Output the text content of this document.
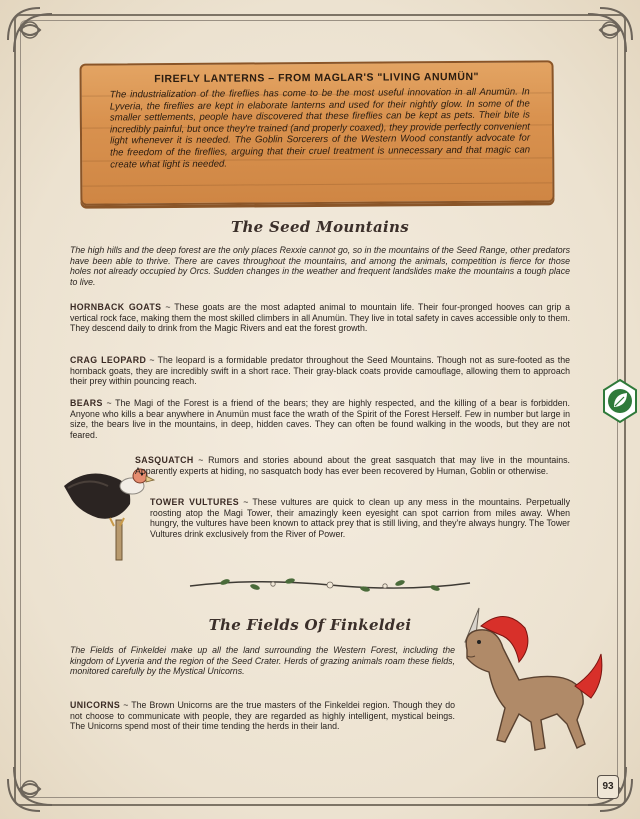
FIREFLY LANTERNS – FROM MAGLAR'S "LIVING ANUMÜN"
The industrialization of the fireflies has come to be the most useful innovation in all Anumün. In Lyveria, the fireflies are kept in elaborate lanterns and used for their nightly glow. In some of the smaller settlements, people have discovered that these fireflies can be kept as pets. Their bite is incredibly painful, but once they're trained (and properly coaxed), they provide perfectly convenient light whenever it is needed. The Goblin Sorcerers of the Western Wood constantly advocate for the freedom of the fireflies, arguing that their cruel treatment is unnecessary and that magic can create what light is needed.
The Seed Mountains
The high hills and the deep forest are the only places Rexxie cannot go, so in the mountains of the Seed Range, other predators have been able to thrive. There are caves throughout the mountains, and among the animals, competition is fierce for those holes not already occupied by Orcs. Sudden changes in the weather and frequent landslides make the mountains a tough place to live.
HORNBACK GOATS ~ These goats are the most adapted animal to mountain life. Their four-pronged hooves can grip a vertical rock face, making them the most skilled climbers in all Anumün. They live in total safety in caves accessible only to them. They descend daily to drink from the Magic Rivers and eat the forest growth.
CRAG LEOPARD ~ The leopard is a formidable predator throughout the Seed Mountains. Though not as sure-footed as the hornback goats, they are incredibly swift in a short race. Their gray-black coats provide camouflage, allowing them to approach their prey within pouncing reach.
BEARS ~ The Magi of the Forest is a friend of the bears; they are highly respected, and the killing of a bear is forbidden. Anyone who kills a bear anywhere in Anumün must face the wrath of the Spirit of the Forest Herself. Few in number but large in size, the bears live in the mountains, in deep, hidden caves. They can often be found walking in the woods, but they are not feared.
SASQUATCH ~ Rumors and stories abound about the great sasquatch that may live in the mountains. Apparently experts at hiding, no sasquatch body has ever been recovered by Human, Goblin or otherwise.
TOWER VULTURES ~ These vultures are quick to clean up any mess in the mountains. Perpetually roosting atop the Magi Tower, their amazingly keen eyesight can spot carrion from miles away. When hungry, the vultures have been known to attack prey that is still living, and they're always hungry. The Tower Vultures drink exclusively from the River of Power.
The Fields Of Finkeldei
The Fields of Finkeldei make up all the land surrounding the Western Forest, including the kingdom of Lyveria and the region of the Seed Crater. Herds of grazing animals roam these fields, monitored carefully by the Mystical Unicorns.
UNICORNS ~ The Brown Unicorns are the true masters of the Finkeldei region. Though they do not choose to communicate with people, they are regarded as highly intelligent, mystical beings. The Unicorns spend most of their time tending the herds in their land.
93
